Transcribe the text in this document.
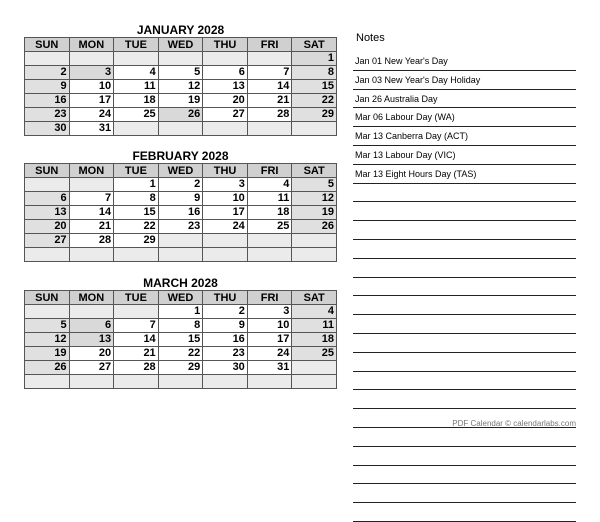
JANUARY 2028
SUN	MON	TUE	WED	THU	FRI	SAT
						1
2	3	4	5	6	7	8
9	10	11	12	13	14	15
16	17	18	19	20	21	22
23	24	25	26	27	28	29
30	31					
FEBRUARY 2028
SUN	MON	TUE	WED	THU	FRI	SAT
		1	2	3	4	5
6	7	8	9	10	11	12
13	14	15	16	17	18	19
20	21	22	23	24	25	26
27	28	29				

MARCH 2028
SUN	MON	TUE	WED	THU	FRI	SAT
			1	2	3	4
5	6	7	8	9	10	11
12	13	14	15	16	17	18
19	20	21	22	23	24	25
26	27	28	29	30	31	

Notes
Jan 01 New Year's Day
Jan 03 New Year's Day Holiday
Jan 26 Australia Day
Mar 06 Labour Day (WA)
Mar 13 Canberra Day (ACT)
Mar 13 Labour Day (VIC)
Mar 13 Eight Hours Day (TAS)
PDF Calendar © calendarlabs.com
